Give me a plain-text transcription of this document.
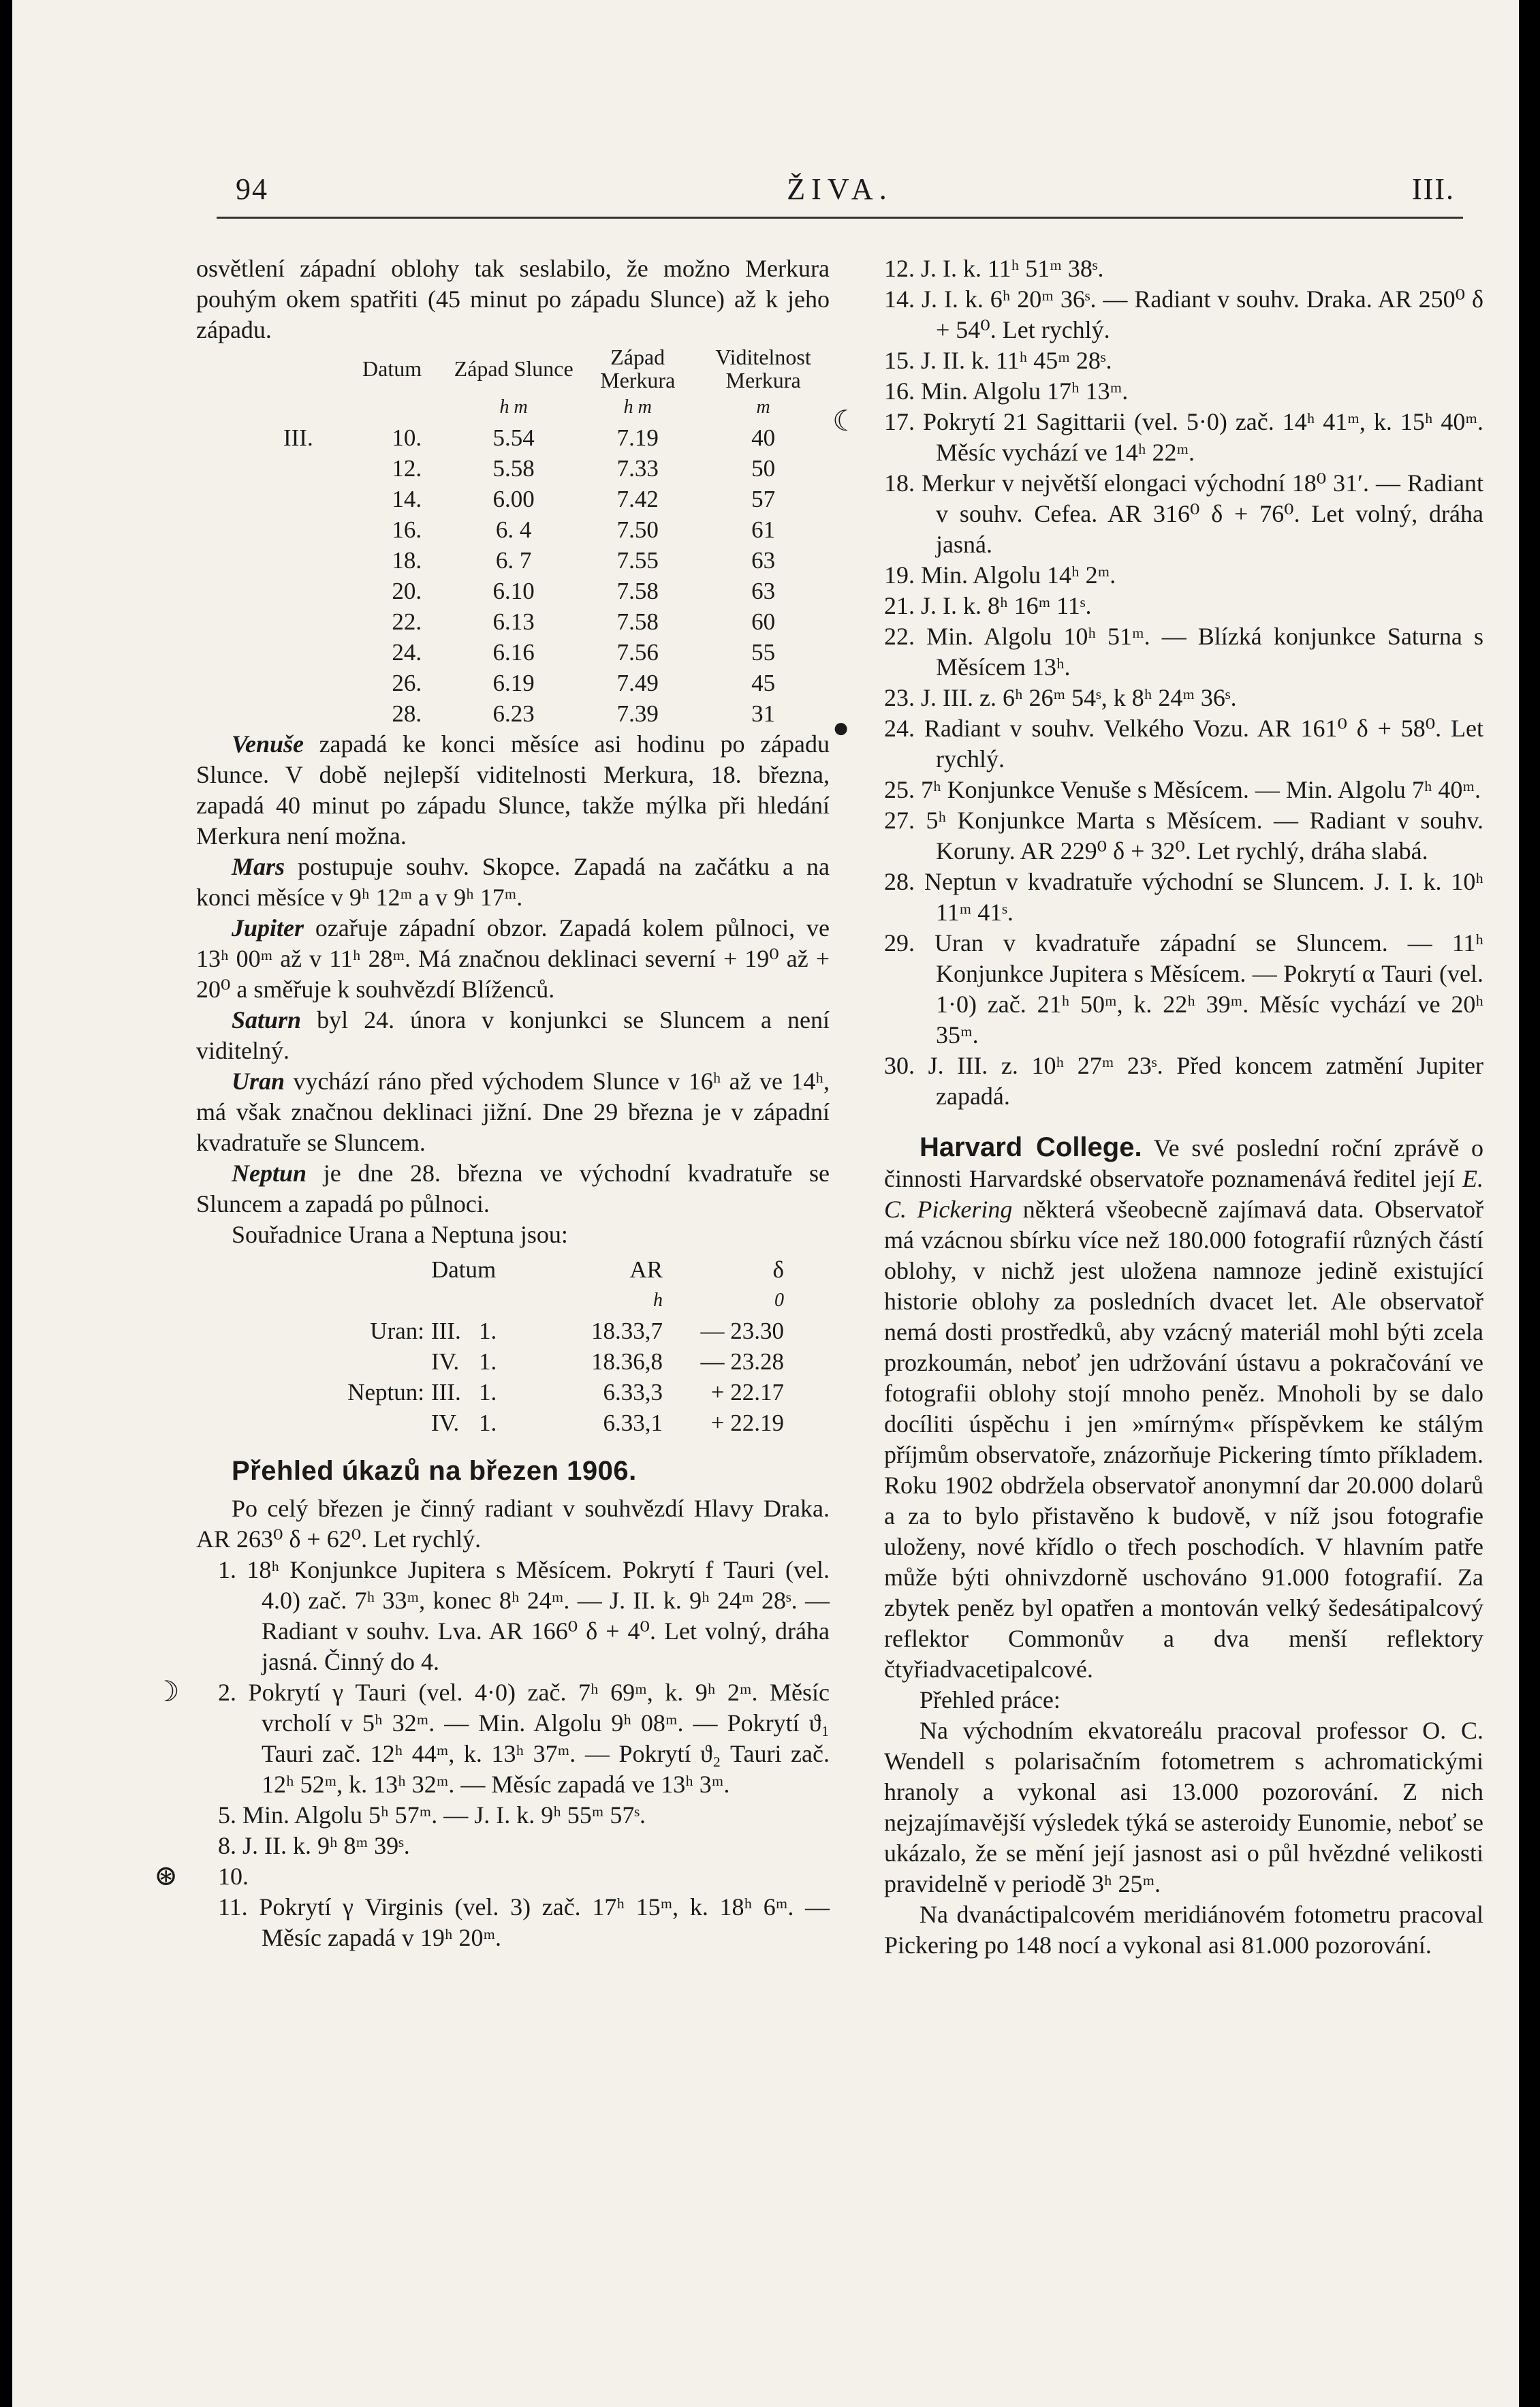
94	ŽIVA.	III.

osvětlení západní oblohy tak seslabilo, že možno Merkura pouhým okem spatřiti (45 minut po západu Slunce) až k jeho západu.

	Datum	Západ Slunce	Západ Merkura	Viditelnost Merkura
		h m	h m	m
III.	10.	5.54	7.19	40
	12.	5.58	7.33	50
	14.	6.00	7.42	57
	16.	6. 4	7.50	61
	18.	6. 7	7.55	63
	20.	6.10	7.58	63
	22.	6.13	7.58	60
	24.	6.16	7.56	55
	26.	6.19	7.49	45
	28.	6.23	7.39	31

Venuše zapadá ke konci měsíce asi hodinu po západu Slunce. V době nejlepší viditelnosti Merkura, 18. března, zapadá 40 minut po západu Slunce, takže mýlka při hledání Merkura není možna.

Mars postupuje souhv. Skopce. Zapadá na začátku a na konci měsíce v 9ʰ 12ᵐ a v 9ʰ 17ᵐ.

Jupiter ozařuje západní obzor. Zapadá kolem půlnoci, ve 13ʰ 00ᵐ až v 11ʰ 28ᵐ. Má značnou deklinaci severní + 19⁰ až + 20⁰ a směřuje k souhvězdí Blíženců.

Saturn byl 24. února v konjunkci se Sluncem a není viditelný.

Uran vychází ráno před východem Slunce v 16ʰ až ve 14ʰ, má však značnou deklinaci jižní. Dne 29 března je v západní kvadratuře se Sluncem.

Neptun je dne 28. března ve východní kvadratuře se Sluncem a zapadá po půlnoci.

Souřadnice Urana a Neptuna jsou:

	Datum		AR	δ
			h	0
Uran:	III.	1.	18.33,7	— 23.30
	IV.	1.	18.36,8	— 23.28
Neptun:	III.	1.	6.33,3	+ 22.17
	IV.	1.	6.33,1	+ 22.19
Přehled úkazů na březen 1906.

Po celý březen je činný radiant v souhvězdí Hlavy Draka. AR 263⁰ δ + 62⁰. Let rychlý.

1. 18ʰ Konjunkce Jupitera s Měsícem. Pokrytí f Tauri (vel. 4.0) zač. 7ʰ 33ᵐ, konec 8ʰ 24ᵐ. — J. II. k. 9ʰ 24ᵐ 28ˢ. — Radiant v souhv. Lva. AR 166⁰ δ + 4⁰. Let volný, dráha jasná. Činný do 4.
☽ 2. Pokrytí γ Tauri (vel. 4·0) zač. 7ʰ 69ᵐ, k. 9ʰ 2ᵐ. Měsíc vrcholí v 5ʰ 32ᵐ. — Min. Algolu 9ʰ 08ᵐ. — Pokrytí ϑ₁ Tauri zač. 12ʰ 44ᵐ, k. 13ʰ 37ᵐ. — Pokrytí ϑ₂ Tauri zač. 12ʰ 52ᵐ, k. 13ʰ 32ᵐ. — Měsíc zapadá ve 13ʰ 3ᵐ.
5. Min. Algolu 5ʰ 57ᵐ. — J. I. k. 9ʰ 55ᵐ 57ˢ.
8. J. II. k. 9ʰ 8ᵐ 39ˢ.
⊛ 10.
11. Pokrytí γ Virginis (vel. 3) zač. 17ʰ 15ᵐ, k. 18ʰ 6ᵐ. — Měsíc zapadá v 19ʰ 20ᵐ.
12. J. I. k. 11ʰ 51ᵐ 38ˢ.
14. J. I. k. 6ʰ 20ᵐ 36ˢ. — Radiant v souhv. Draka. AR 250⁰ δ + 54⁰. Let rychlý.
15. J. II. k. 11ʰ 45ᵐ 28ˢ.
16. Min. Algolu 17ʰ 13ᵐ.
☾ 17. Pokrytí 21 Sagittarii (vel. 5·0) zač. 14ʰ 41ᵐ, k. 15ʰ 40ᵐ. Měsíc vychází ve 14ʰ 22ᵐ.
18. Merkur v největší elongaci východní 18⁰ 31′. — Radiant v souhv. Cefea. AR 316⁰ δ + 76⁰. Let volný, dráha jasná.
19. Min. Algolu 14ʰ 2ᵐ.
21. J. I. k. 8ʰ 16ᵐ 11ˢ.
22. Min. Algolu 10ʰ 51ᵐ. — Blízká konjunkce Saturna s Měsícem 13ʰ.
23. J. III. z. 6ʰ 26ᵐ 54ˢ, k 8ʰ 24ᵐ 36ˢ.
● 24. Radiant v souhv. Velkého Vozu. AR 161⁰ δ + 58⁰. Let rychlý.
25. 7ʰ Konjunkce Venuše s Měsícem. — Min. Algolu 7ʰ 40ᵐ.
27. 5ʰ Konjunkce Marta s Měsícem. — Radiant v souhv. Koruny. AR 229⁰ δ + 32⁰. Let rychlý, dráha slabá.
28. Neptun v kvadratuře východní se Sluncem. J. I. k. 10ʰ 11ᵐ 41ˢ.
29. Uran v kvadratuře západní se Sluncem. — 11ʰ Konjunkce Jupitera s Měsícem. — Pokrytí α Tauri (vel. 1·0) zač. 21ʰ 50ᵐ, k. 22ʰ 39ᵐ. Měsíc vychází ve 20ʰ 35ᵐ.
30. J. III. z. 10ʰ 27ᵐ 23ˢ. Před koncem zatmění Jupiter zapadá.

Harvard College. Ve své poslední roční zprávě o činnosti Harvardské observatoře poznamenává ředitel její E. C. Pickering některá všeobecně zajímavá data. Observatoř má vzácnou sbírku více než 180.000 fotografií různých částí oblohy, v nichž jest uložena namnoze jedině existující historie oblohy za posledních dvacet let. Ale observatoř nemá dosti prostředků, aby vzácný materiál mohl býti zcela prozkoumán, neboť jen udržování ústavu a pokračování ve fotografii oblohy stojí mnoho peněz. Mnoholi by se dalo docíliti úspěchu i jen »mírným« příspěvkem ke stálým příjmům observatoře, znázorňuje Pickering tímto příkladem. Roku 1902 obdržela observatoř anonymní dar 20.000 dolarů a za to bylo přistavěno k budově, v níž jsou fotografie uloženy, nové křídlo o třech poschodích. V hlavním patře může býti ohnivzdorně uschováno 91.000 fotografií. Za zbytek peněz byl opatřen a montován velký šedesátipalcový reflektor Commonův a dva menší reflektory čtyřiadvacetipalcové.

Přehled práce:

Na východním ekvatoreálu pracoval professor O. C. Wendell s polarisačním fotometrem s achromatickými hranoly a vykonal asi 13.000 pozorování. Z nich nejzajímavější výsledek týká se asteroidy Eunomie, neboť se ukázalo, že se mění její jasnost asi o půl hvězdné velikosti pravidelně v periodě 3ʰ 25ᵐ.

Na dvanáctipalcovém meridiánovém fotometru pracoval Pickering po 148 nocí a vykonal asi 81.000 pozorování.
